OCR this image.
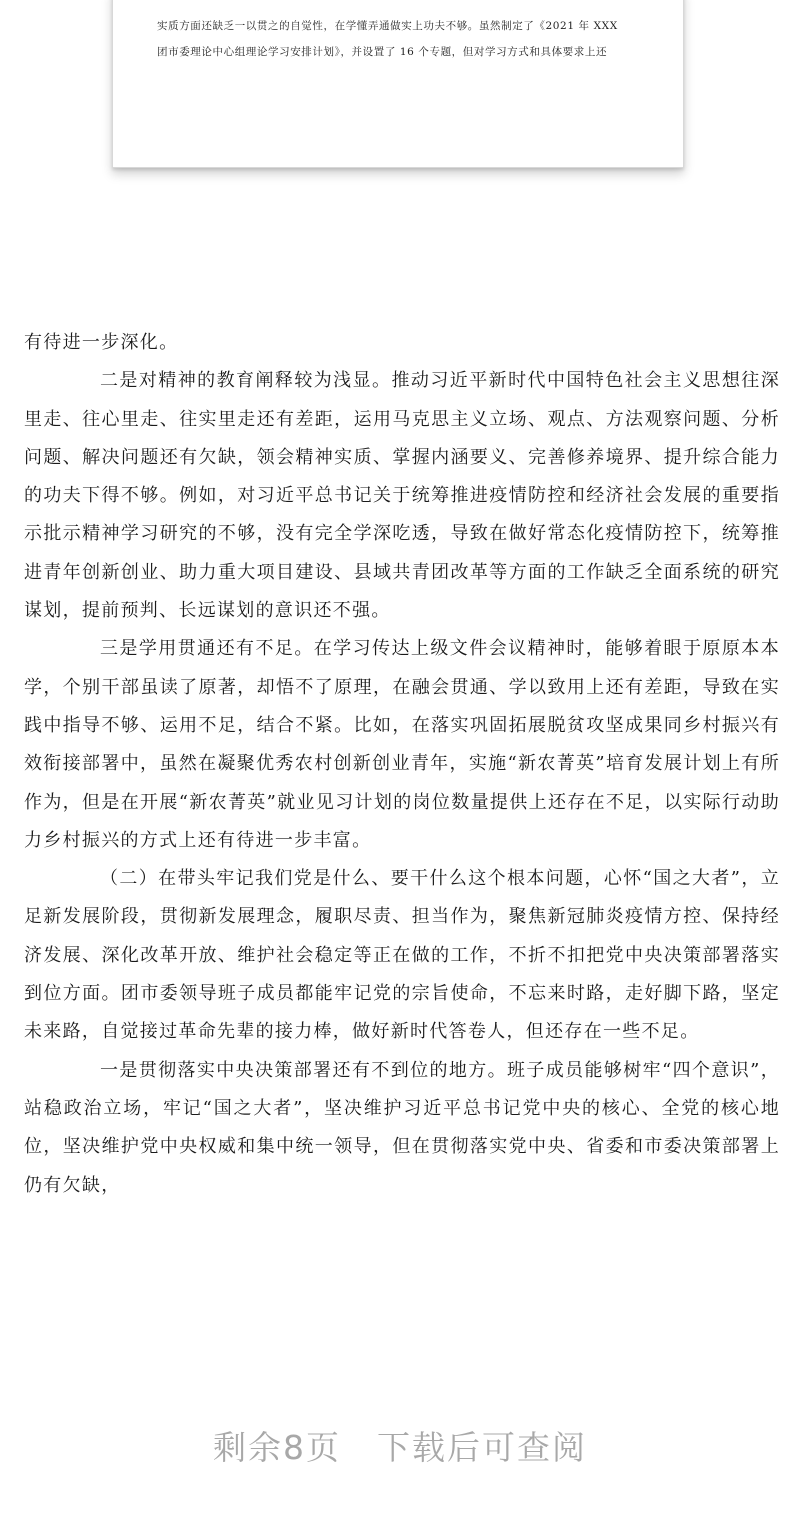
实质方面还缺乏一以贯之的自觉性，在学懂弄通做实上功夫不够。虽然制定了《2021 年 XXX

团市委理论中心组理论学习安排计划》，并设置了 16 个专题，但对学习方式和具体要求上还

有待进一步深化。

二是对精神的教育阐释较为浅显。推动习近平新时代中国特色社会主义思想往深里走、往心里走、往实里走还有差距，运用马克思主义立场、观点、方法观察问题、分析问题、解决问题还有欠缺，领会精神实质、掌握内涵要义、完善修养境界、提升综合能力的功夫下得不够。例如，对习近平总书记关于统筹推进疫情防控和经济社会发展的重要指示批示精神学习研究的不够，没有完全学深吃透，导致在做好常态化疫情防控下，统筹推进青年创新创业、助力重大项目建设、县域共青团改革等方面的工作缺乏全面系统的研究谋划，提前预判、长远谋划的意识还不强。

三是学用贯通还有不足。在学习传达上级文件会议精神时，能够着眼于原原本本学，个别干部虽读了原著，却悟不了原理，在融会贯通、学以致用上还有差距，导致在实践中指导不够、运用不足，结合不紧。比如，在落实巩固拓展脱贫攻坚成果同乡村振兴有效衔接部署中，虽然在凝聚优秀农村创新创业青年，实施“新农菁英”培育发展计划上有所作为，但是在开展“新农菁英”就业见习计划的岗位数量提供上还存在不足，以实际行动助力乡村振兴的方式上还有待进一步丰富。

（二）在带头牢记我们党是什么、要干什么这个根本问题，心怀“国之大者”，立足新发展阶段，贯彻新发展理念，履职尽责、担当作为，聚焦新冠肺炎疫情方控、保持经济发展、深化改革开放、维护社会稳定等正在做的工作，不折不扣把党中央决策部署落实到位方面。团市委领导班子成员都能牢记党的宗旨使命，不忘来时路，走好脚下路，坚定未来路，自觉接过革命先辈的接力棒，做好新时代答卷人，但还存在一些不足。

一是贯彻落实中央决策部署还有不到位的地方。班子成员能够树牢“四个意识”，站稳政治立场，牢记“国之大者”，坚决维护习近平总书记党中央的核心、全党的核心地位，坚决维护党中央权威和集中统一领导，但在贯彻落实党中央、省委和市委决策部署上仍有欠缺，

剩余8页 下载后可查阅
